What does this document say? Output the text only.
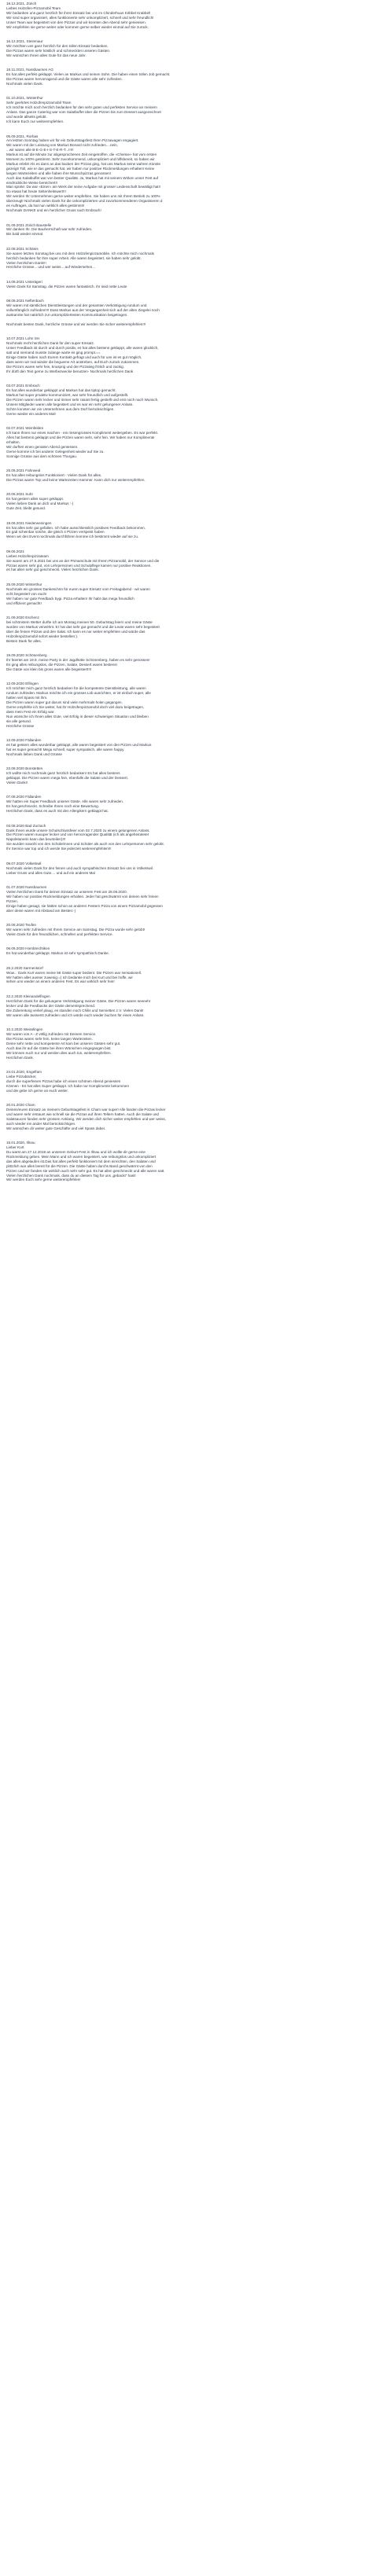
18.12.2021, Zürich
Liebes Holzofen-Pizzamobil Team
Wir bedanken uns ganz herzlich für ihren Einsatz bei uns im Chinderhuus Kribbel Krabbel!
Wir sind super organisiert, alles funktionierte sehr unkompliziert, schnell und sehr freundlich!
Unser Team war begeistert von den Pizzas und wir konnten den Abend sehr geniessen.
Wir empfehlen sie gerne weiter oder kommen gerne selber wieder einmal auf Sie zurück.
16.12.2021, Steinmaur
Wir möchten uns ganz herzlich für den tollen Einsatz bedanken.
Die Pizzas waren sehr köstlich und schmeckten unseren Gästen.
Wir wünschen Ihnen alles Gute für das neue Jahr.
18.11.2021, Nussbaumen AG
Es hat alles perfekt geklappt. Vielen an Markus und seinen Sohn. Die haben einen tollen Job gemacht.
Die Pizzas waren hervorragend und die Gäste waren alle sehr zufrieden.
Nochmals vielen Dank.
01.10.2021, Winterthur
Sehr geehrtes Holzofenpizzamobil Team
Ich möchte mich noch herzlich bedanken für den sehr guten und perfekten Service an meinem
Anlass. Das ganze Catering war vom Salatbuffet über die Pizzen bis zum Dessert ausgezeichnet
und wurde allseits gelobt.
Ich kann Euch nur weiterempfehlen.
05.09.2021, Rorbas
Am letzten Sonntag haben wir für ein Geburtstagsfest Ihren Pizzawagen engagiert.
Wir waren mit der Leistung von Markus Bonard nicht zufrieden....nein,
...wir waren alle B-E-G-E-I-S-T-E-R-T...!!!!!
Markus ist auf die Minute zur abgesprochenen Zeit eingetroffen, die «Chemie» hat vom ersten
Moment zu 100% gestimmt. Sehr zuvorkommend, unkompliziert und hilfsbereit, so haben wir
Markus erlebt! Als es dann an das backen der Pizzas ging, hat uns Markus seine wahren Künste
gezeigt! Toll, wie er das gemacht hat, wir haben nur positive Rückmeldungen erhalten! Keine
langen Wartezeiten und alle haben ihre Wunschpizzas genossen!
Auch das Salatbuffet war von bester Qualität. Ja, Markus hat mit seinem Wirken unser Fest auf
eindrückliche Weise bereichert!!
Man spürte: Da war «Einer» am Werk der seine Aufgabe mit grosser Leidenschaft bewältigt hat!!
So etwas hat heute Seltenheitswert!!!
Wir werden Ihr Unternehmen gerne weiter empfehlen. Sie haben uns mit Ihrem Betrieb zu 100%
überzeugt! Nochmals vielen Dank für die unkomplizierten und zuvorkommenderen Organisieren d
es Auftrages, da hat nun wirklich alles gestimmt!!
Nochmals DANKE und ein herzlicher Gruss nach Embrach!
01.09.2021 Zürich Baustelle
Wir danken Ihr. Die Bauherrschaft war sehr zufrieden.
Bis bald wieder einmal.
22.08.2021 Schänis
Sie waren letzten Sonntag bei uns mit dem Holzofenpizzamobile. Ich möchte mich nochmals
herzlich bedanken für Ihre super Arbeit. Alle waren begeistert, sie haben sehr gelobt.
Vielen herzlichen Dank!!!
Herzliche Grüsse... und wer weiss... auf Wiedersehen...
14.08.2021 Unterägeri
Vielen Dank für Samstag. die Pizzen waren fantastisch. Ihr seid nette Leute
08.08.2021 Neftenbach
Wir waren mit sämtlichen Dienstleistungen und der gesamten Verköstigung rundum und
vollumfänglich zufrieden!!!! Dass Markus aus der Vergangenheit sich auf der alten Ziegelei noch
auskannte hat natürlich zur unkompliziertesten Kommunikation beigetragen.

Nochmals besten Dank, herzliche Grüsse und wir werden Sie sicher weiterempfehlen!!!
10.07.2021 Lohn SH
Nochmals recht herzlichen Dank für den super Einsatz.
Unser Feedback ist durch und durch positiv, es hat alles bestens geklappt, alle waren glücklich,
satt und niemand musste zulange warte es ging prompt.==
Einige Gäste haben nach Eurem Kontakt gefragt und auch für uns ist es gut möglich,
dass wenn wir mal wieder die begueme Art anstreben, auf Euch zurück zukommen.
Die Pizza's waren sehr fein, knusprig und der Pizzateig frölich und zackig.
Ihr dürft den Text gerne zu Werbezwecke benutzen- Nochmals herzlichen Dank
03.07.2021 Embrach
Es hat alles wunderbar geklappt und Markus hat das tiptop gemacht.
Markus hat super proaktiv kommuniziert, war sehr freundlich und aufgestellt.
Die Pizzen waren sehr lecker und immer sehr rasant fertig gestellt und erst noch nach Wunsch.
Unsere Mitglieder waren alle begeistert und es war ein sehr gelungener Anlass.
Schön konnten wir ein Unternehmen aus dem Dorf berücksichtigen.
Gerne wieder ein anderes Mal!
02.07.2021 Weinfelden
Ich kann Ihnen nur eines machen - ein riesengrosses Kompliment weitergeben. Es war perfekt.
Alles hat bestens geklappt und die Pizzen waren sehr, sehr fein. Wir haben nur Komplimente
erhalten.
Wir durften einen genialen Abend geniessen.
Gerne komme ich bei anderer Gelegenheit wieder auf Sie zu.
Sonnige Grüsse aus dem schönen Thurgau.
25.06.2021 Fahrweid
Es hat alles reibungslos Funktioniert - Vielen Dank für alles.
Die Pizzas waren Top und keine Wartezeiten Hammer. Kann dich nur weiterempfehlen.
20.06.2021 Suhr
Es hat gestern alles super geklappt.
Vielen lieben Dank an dich und Markus :-)
Gute Zeit, bleibt gesund.
19.06.2021 Niederweningen
Es hat alles sehr gut gefallen. Ich habe ausschliesslich positives Feedback bekommen.
Es gab scheinbar solche, die gleich 4 Pizzen verspeist haben
Wenn wir den Event nochmals durchführen komme ich bestimmt wieder auf sie zu.
09.06.2021
Liebes Holzofenpizzateam
Sie waren am 27.5.2021 bei uns an der Primarschule mit Ihrem Pizzamobil, der Service und die
Pizzas waren sehr gut, von Lehrpersonen und Schulpflege kamen nur positive Reaktionen.
es hat allen sehr gut geschmeckt. Vielen herzlichen Dank.
25.09.2020 Winterthur
Nochmals ein grosses Dankeschön für euren super Einsatz vom Freitagabend - wir waren
echt begeistert von euch!
Wir haben nur gute Feedback bygi. Pizza erhalten! Ihr habt das mega freundlich
und effizient gemacht!
21.09.2020 Eschenz
bei schönstem Wetter durfte ich am Montag meinen 50. Geburtstag feiern und meine Gäste
wurden von Markus verwöhnt. Er hat das sehr gut gemacht und die Leute waren sehr begeistert
über die feinen Pizzas und den Salat. Ich kann es nur weiter empfehlen und würde das
Holzofenpizzamobil sofort wieder bestellen:).
Besten Dank für alles.
19.09.2020 Schönenberg
Ihr feiertet am 19.9. meine Party in der Jagdhütte Schönenberg, haben es sehr genossen!
Es ging alles reibungslos, die Pizzen, Salate, Dessert waren bestens!
Die Gäste von klein bis gross waren alle begeistert!!!!
12.09.2020 Elfingen
Ich möchter mich ganz herzlich bedanken für die kompetente Dienstleistung, alle waren
rundum zufrieden. Markus möchte ich ein grosses Lob ausrichten, er ist einfach super, alle
hatten viel Spass mit ihm.
Die Pizzen waren super gut darum sind viele mehrmals holen gegangen.
Gerne empfehle ich Sie weiter, hat ihr Holzofenpizzamobil doch viel dazu beigetragen,
dass mein Fest ein Erfolg war.
Nun wünsche ich Ihnen alles Gute, viel Erfolg in dieser schwierigen Situation und bleiben
sie alle gesund.
Herzliche Grüsse
12.09.2020 Fällanden
es hat gestern alles wunderbar geklappt, alle waren begeistert von den Pizzen und Markus
hat es super gemacht! Mega schnell, super sympatisch, alle waren happy.
Nochmals lieben Dank und Grüsse
23.08.2020 Bonstetten
Ich wollte mich nochmals ganz herzlich bedanken! Es hat alles bestens
geklappt. Die Pizzen waren mega fein, ebenfalls die Salate und der Dessert.
Vielen Dank!!
07.08.2020 Fällanden
Wir hatten ein Super Feedback unserer Gäste. Alle waren sehr zufrieden.
Es hat geschmeckt. Schreibe Ihnen noch eine Bewertung.
Herzlichen Dank, dass es auch mit den Allergikern geklappt hat.
03.08.2020 Bad Zurzach
Dank Ihnen wurde unsere Schulschlussfeier vom 02.7.2020 zu einem gelungenen Anlass.
Die Pizzen waren suuuper lecker und von hervorragender Qualität (ich als angeheirateter
Napoletanerin kann das beurteilen)!!!
Sie wurden sowohl von den Schülerinnen und Schüler als auch von den Lehrpersonen sehr gelobt.
Ihr Service war top und ich werde Sie jederzeit weiterempfehlen!!!
09.07.2020 Volketswil
Nochmals vielen Dank für den feinen und auch sympathischen Einsatz bei uns in Volketswil.
Lieber Gruss und alles Gute.... und auf ein anderes Mal
01.07.2020 Nussbaumen
Vielen herzlichen Dank für deinen Einsatz an unserem Fest am 28.06.2020.
Wir haben nur positive Rückmeldungen erhalten. Jeder hat geschwärmt von deinen sehr feinen
Pizzen.
Einige haben gesagt, sie hätten schon an anderen Festern Pizza von einem Pizzamobil gegessen
aber deine waren mit Abstand am Besten:-)
20.06.2020 Teufen
Wir waren sehr zufrieden mit Ihrem Service am Samstag. Die Pizza wurde sehr gelobt!
Vielen Dank für den freundlichen, schnellen und perfekten Service.
06.06.2020 Hombrechtikon
Es hat wunderbar geklappt. Markus ist sehr sympathisch.Danke.
26.2.2020 Sarmenstorf
Wow... Dank Kurt waren meine 56 Gäste super bedient. Die Pizzen war sensationell.
Wir hatten alles ausser zuwenig:=) Ich bedanke mich bei Kurt und bei hoffe, wir
sehen uns wieder an einem anderen Fest. Es war wirklich sehr fein!
22.2.2020 Kleinandelfingen
Herzlichen Dank für die gelungene Verköstigung meiner Gäste. Die Pizzen waren seeeehr
lecker und die Feedbacks der Gäste dementsprechend.
Die Zubereitung verlief plaug, es standen noch Chilis und Servietten z.V. Vielen Dank!
Wir waren alle äusserst zufrieden und ich würde euch wieder buchen für einen Anlass.
10.2.2020 Weisslingen
Wir waren von A - Z völlig zufrieden mit Deinem Service.
Die Pizzas waren sehr fein, keine langen Wartezeiten.
Deine sehr nette und kompetente Art kam bei unseren Gästen sehr gut.
Auch das ihr auf die Gäste bei ihren Wünschen eingegangen bist.
Wir können euch nur und werden dies auch tun, weiterempfehlen.
Herzlichen Dank.
24.01.2020, Engelfam
Liebe Pizzabäcker,
durch die superfeinen Pizzas habe ich einen schönen Abend geniessen
Können - Es hat alles Super geklappt. Ich habe nur Komplimente bekommen
und die gebe ich gerne an euch weiter.
20.01.2020 Cham
Deinen/euren Einsatz an meinem Geburtstagsfest in Cham war super! Alle fanden die Pizzas lecker
und waren sehr erstaunt wie schnell sie die Pizzas auf ihren Tellern hatten. Auch die Salate und
Salatsaucen fanden sehr grossen Anklang. Wir werden dich sicher weiter empfehlen und wer weiss,
auch wieder ein ander Mal berücksichtigen.
Wir wünschen dir weiter gute Geschäfte und viel Spass dabei.
15.01.2020, Illnau
Lieber Kurt
Du warst am 27.12.2019 an unserem Geburt-Fest in Illnau und ich wollte dir gerne eine
Rückmeldung geben. Mein Mann und ich waren begeistert, wie reibungslos und unkompliziert
das alles abgelaufen ist.Das hat alles perfekt funktioniert mit dem einrichten, den Salaten und
plötzlich war alles bereit für die Pizzen. Die Gäste haben durchs Band geschwärmt von den
Pizzen und wir fanden sie wirklich auch sehr sehr gut. Es hat allen geschmeckt und alle waren satt.
Vielen herzlichen Dank nochmals, dass du an diesem Tag für uns „gebackt" hast!
Wir werden Euch sehr gerne weiterempfehlen!
